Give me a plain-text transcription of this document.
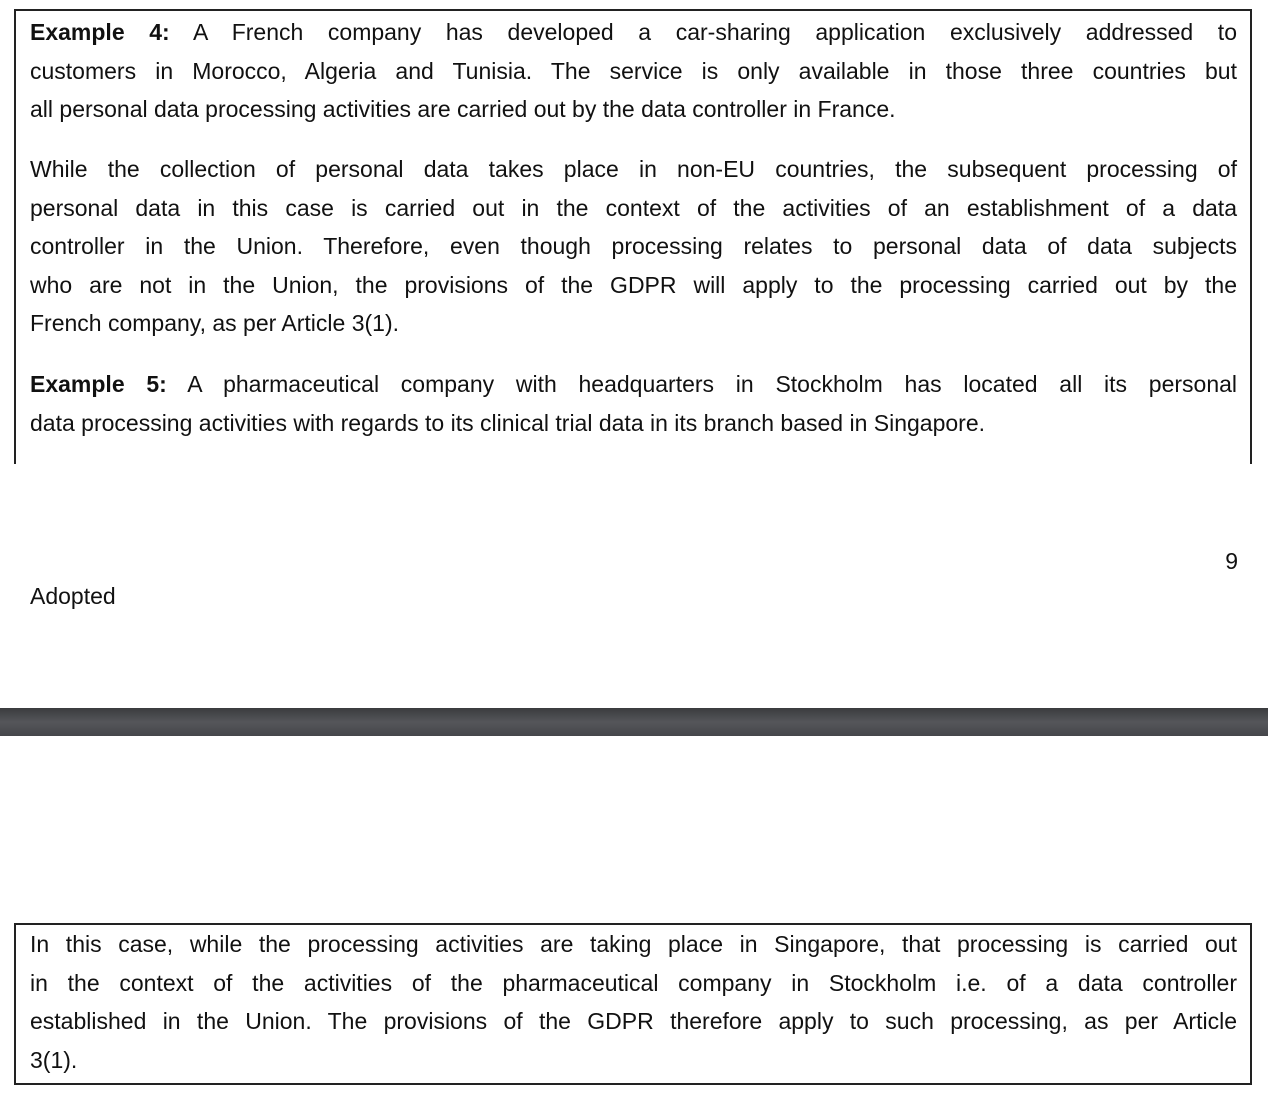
Example 4: A French company has developed a car-sharing application exclusively addressed to
customers in Morocco, Algeria and Tunisia. The service is only available in those three countries but
all personal data processing activities are carried out by the data controller in France.
While the collection of personal data takes place in non-EU countries, the subsequent processing of
personal data in this case is carried out in the context of the activities of an establishment of a data
controller in the Union. Therefore, even though processing relates to personal data of data subjects
who are not in the Union, the provisions of the GDPR will apply to the processing carried out by the
French company, as per Article 3(1).
Example 5: A pharmaceutical company with headquarters in Stockholm has located all its personal
data processing activities with regards to its clinical trial data in its branch based in Singapore.
9
Adopted
In this case, while the processing activities are taking place in Singapore, that processing is carried out
in the context of the activities of the pharmaceutical company in Stockholm i.e. of a data controller
established in the Union. The provisions of the GDPR therefore apply to such processing, as per Article
3(1).
